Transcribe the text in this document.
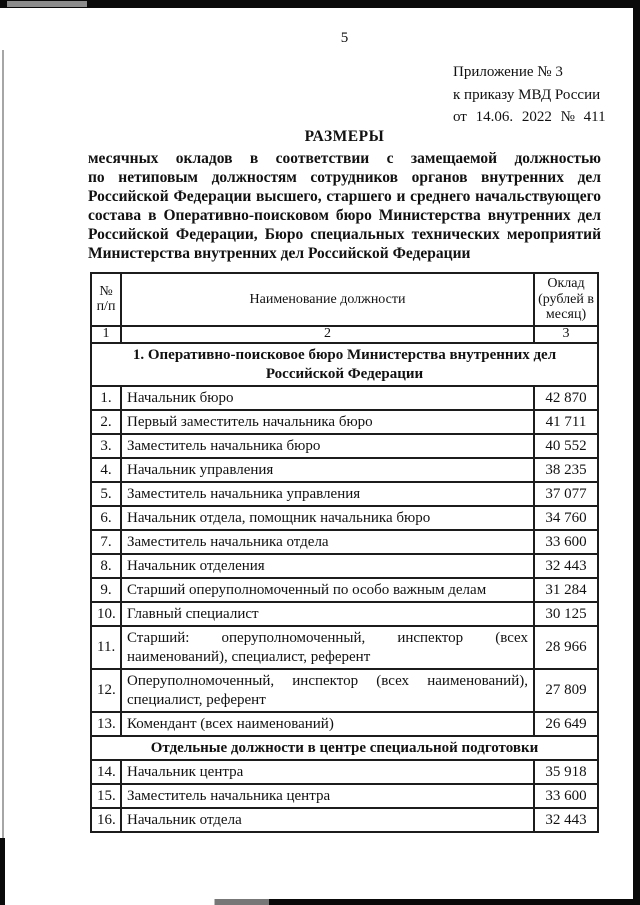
5
Приложение № 3
к приказу МВД России
от 14.06. 2022 № 411
РАЗМЕРЫ
месячных окладов в соответствии с замещаемой должностью
по нетиповым должностям сотрудников органов внутренних дел
Российской Федерации высшего, старшего и среднего начальствующего
состава в Оперативно-поисковом бюро Министерства внутренних дел
Российской Федерации, Бюро специальных технических мероприятий
Министерства внутренних дел Российской Федерации
№ п/п	Наименование должности	Оклад (рублей в месяц)
1	2	3
1. Оперативно-поисковое бюро Министерства внутренних дел Российской Федерации		
1.	Начальник бюро	42 870
2.	Первый заместитель начальника бюро	41 711
3.	Заместитель начальника бюро	40 552
4.	Начальник управления	38 235
5.	Заместитель начальника управления	37 077
6.	Начальник отдела, помощник начальника бюро	34 760
7.	Заместитель начальника отдела	33 600
8.	Начальник отделения	32 443
9.	Старший оперуполномоченный по особо важным делам	31 284
10.	Главный специалист	30 125
11.	Старший: оперуполномоченный, инспектор (всех наименований), специалист, референт	28 966
12.	Оперуполномоченный, инспектор (всех наименований), специалист, референт	27 809
13.	Комендант (всех наименований)	26 649
Отдельные должности в центре специальной подготовки		
14.	Начальник центра	35 918
15.	Заместитель начальника центра	33 600
16.	Начальник отдела	32 443
